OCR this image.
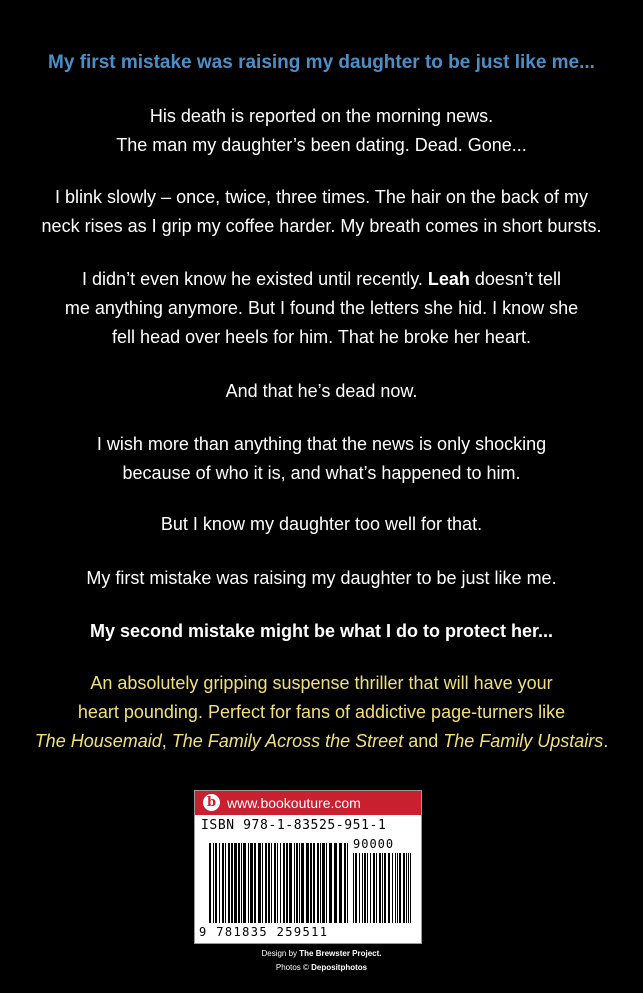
My first mistake was raising my daughter to be just like me...
His death is reported on the morning news.
The man my daughter’s been dating. Dead. Gone...
I blink slowly – once, twice, three times. The hair on the back of my
neck rises as I grip my coffee harder. My breath comes in short bursts.
I didn’t even know he existed until recently. Leah doesn’t tell
me anything anymore. But I found the letters she hid. I know she
fell head over heels for him. That he broke her heart.
And that he’s dead now.
I wish more than anything that the news is only shocking
because of who it is, and what’s happened to him.
But I know my daughter too well for that.
My first mistake was raising my daughter to be just like me.
My second mistake might be what I do to protect her...
An absolutely gripping suspense thriller that will have your
heart pounding. Perfect for fans of addictive page-turners like
The Housemaid, The Family Across the Street and The Family Upstairs.
b www.bookouture.com
ISBN 978-1-83525-951-1
90000
9 781835 259511
Design by The Brewster Project.
Photos © Depositphotos
